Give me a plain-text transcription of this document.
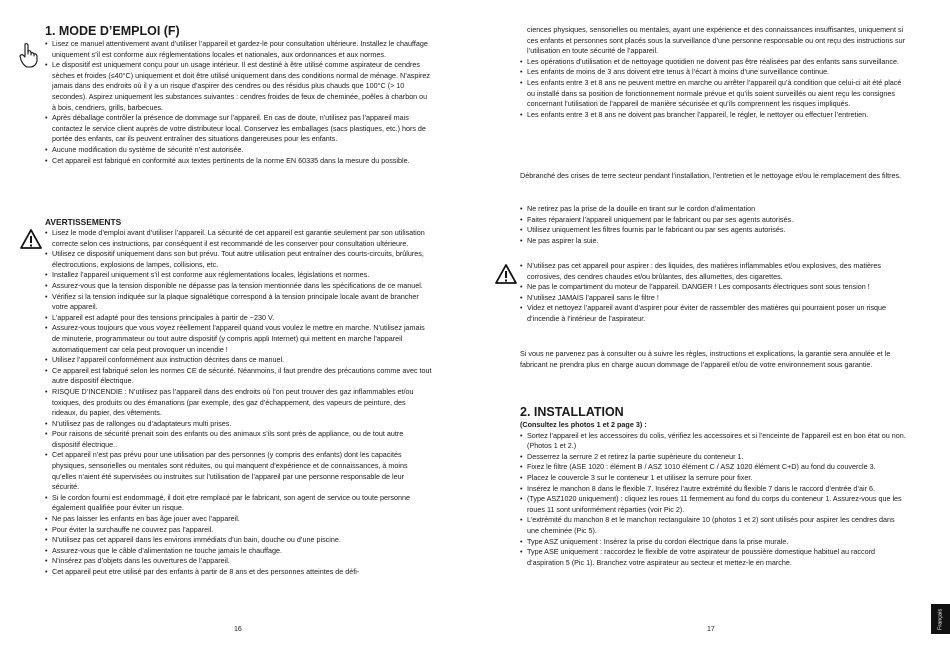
1. MODE D’EMPLOI (F)
• Lisez ce manuel attentivement avant d’utiliser l’appareil et gardez-le pour consultation ultérieure. Installez le chauffage uniquement s’il est conforme aux réglementations locales et nationales, aux ordonnances et aux normes.
• Le dispositif est uniquement conçu pour un usage intérieur. Il est destiné à être utilisé comme aspirateur de cendres sèches et froides (≤40°C) uniquement et doit être utilisé uniquement dans des conditions normal de ménage. N’aspirez jamais dans des endroits où il y a un risque d’aspirer des cendres ou des résidus plus chauds que 100°C (> 10 secondes). Aspirez uniquement les substances suivantes : cendres froides de feux de cheminée, poêles à charbon ou à bois, cendriers, grills, barbecues.
• Après déballage contrôler la présence de dommage sur l’appareil. En cas de doute, n’utilisez pas l’appareil mais contactez le service client auprès de votre distributeur local. Conservez les emballages (sacs plastiques, etc.) hors de portée des enfants, car ils peuvent entraîner des situations dangereuses pour les enfants.
• Aucune modification du système de sécurité n’est autorisée.
• Cet appareil est fabriqué en conformité aux textes pertinents de la norme EN 60335 dans la mesure du possible.
AVERTISSEMENTS
• Lisez le mode d’emploi avant d’utiliser l’appareil. La sécurité de cet appareil est garantie seulement par son utilisation correcte selon ces instructions, par conséquent il est recommandé de les conserver pour consultation ultérieure.
• Utilisez ce dispositif uniquement dans son but prévu. Tout autre utilisation peut entraîner des courts-circuits, brûlures, électrocutions, explosions de lampes, collisions, etc.
• Installez l’appareil uniquement s’il est conforme aux réglementations locales, législations et normes.
• Assurez-vous que la tension disponible ne dépasse pas la tension mentionnée dans les spécifications de ce manuel.
• Vérifiez si la tension indiquée sur la plaque signalétique correspond à la tension principale locale avant de brancher votre appareil.
• L’appareil est adapté pour des tensions principales à partir de ~230 V.
• Assurez-vous toujours que vous voyez réellement l’appareil quand vous voulez le mettre en marche. N’utilisez jamais de minuterie, programmateur ou tout autre dispositif (y compris appli Internet) qui mettent en marche l’appareil automatiquement car cela peut provoquer un incendie !
• Utilisez l’appareil conformément aux instruction décrites dans ce manuel.
• Ce appareil est fabriqué selon les normes CE de sécurité. Néanmoins, il faut prendre des précautions comme avec tout autre dispositif électrique.
• RISQUE D’INCENDIE : N’utilisez pas l’appareil dans des endroits où l’on peut trouver des gaz inflammables et/ou toxiques, des produits ou des émanations (par exemple, des gaz d’échappement, des vapeurs de peinture, des rideaux, du papier, des vêtements.
• N’utilisez pas de rallonges ou d’adaptateurs multi prises.
• Pour raisons de sécurité prenait soin des enfants ou des animaux s’ils sont près de appliance, ou de tout autre dispositif électrique..
• Cet appareil n’est pas prévu pour une utilisation par des personnes (y compris des enfants) dont les capacités physiques, sensorielles ou mentales sont réduites, ou qui manquent d’expérience et de connaissances, à moins qu’elles n’aient été supervisées ou instruites sur l’utilisation de l’appareil par une personne responsable de leur sécurité.
• Si le cordon fourni est endommagé, il doit ẹtre remplacé par le fabricant, son agent de service ou toute personne également qualifiée pour éviter un risque.
• Ne pas laisser les enfants en bas âge jouer avec l’appareil.
• Pour éviter la surchauffe ne couvrez pas l’appareil.
• N’utilisez pas cet appareil dans les environs immédiats d’un bain, douche ou d’une piscine.
• Assurez-vous que le câble d’alimentation ne touche jamais le chauffage.
• N’insérez pas d’objets dans les ouvertures de l’appareil.
• Cet appareil peut ẹtre utilisé par des enfants à partir de 8 ans et des personnes atteintes de défi-
16
ciences physiques, sensorielles ou mentales, ayant une expérience et des connaissances insuffisantes, uniquement si ces enfants et personnes sont placés sous la surveillance d’une personne responsable ou ont reçu des instructions sur l’utilisation en toute sécurité de l’appareil.
• Les opérations d’utilisation et de nettoyage quotidien ne doivent pas être réalisées par des enfants sans surveillance.
• Les enfants de moins de 3 ans doivent ẹtre tenus à l’écart à moins d’une surveillance continue.
• Les enfants entre 3 et 8 ans ne peuvent mettre en marche ou arrêter l’appareil qu’à condition que celui-ci ait été placé ou installé dans sa position de fonctionnement normale prévue et qu’ils soient surveillés ou aient reçu les consignes concernant l’utilisation de l’appareil de manière sécurisée et qu’ils comprennent les risques impliqués.
• Les enfants entre 3 et 8 ans ne doivent pas brancher l’appareil, le régler, le nettoyer ou effectuer l’entretien.

Débranché des crises de terre secteur pendant l’installation, l’entretien et le nettoyage et/ou le remplacement des filtres.

• Ne retirez pas la prise de la douille en tirant sur le cordon d’alimentation
• Faites réparaient l’appareil uniquement par le fabricant ou par ses agents autorisés.
• Utilisez uniquement les filtres fournis par le fabricant ou par ses agents autorisés.
• Ne pas aspirer la suie.
• N’utilisez pas cet appareil pour aspirer : des liquides, des matières inflammables et/ou explosives, des matières corrosives, des cendres chaudes et/ou brûlantes, des allumettes, des cigarettes.
• Ne pas le compartiment du moteur de l’appareil. DANGER ! Les composants électriques sont sous tension !
• N’utilisez JAMAIS l’appareil sans le filtre !
• Videz et nettoyez l’appareil avant d’aspirer pour éviter de rassembler des matières qui pourraient poser un risque d’incendie à l’intérieur de l’aspirateur.

Si vous ne parvenez pas à consulter ou à suivre les règles, instructions et explications, la garantie sera annulée et le fabricant ne prendra plus en charge aucun dommage de l’appareil et/ou de votre environnement sous garantie.

2. INSTALLATION

(Consultez les photos 1 et 2 page 3) :

• Sortez l’appareil et les accessoires du colis, vérifiez les accessoires et si l’enceinte de l’appareil est en bon état ou non. (Photos 1 et 2.)
• Desserrez la serrure 2 et retirez la partie supérieure du conteneur 1.
• Fixez le filtre (ASE 1020 : élément B / ASZ 1010 élément C / ASZ 1020 élément C+D) au fond du couvercle 3.
• Placez le couvercle 3 sur le conteneur 1 et utilisez la serrure pour fixer.
• Insérez le manchon 8 dans le flexible 7. Insérez l’autre extrémité du flexible 7 dans le raccord d’entrée d’air 6.
• (Type ASZ1020 uniquement) : cliquez les roues 11 fermement au fond du corps du conteneur 1. Assurez-vous que les roues 11 sont uniformément réparties (voir Pic 2).
• L’extrémité du manchon 8 et le manchon rectangulaire 10 (photos 1 et 2) sont utilisés pour aspirer les cendres dans une cheminée (Pic 5).
• Type ASZ uniquement : Insérez la prise du cordon électrique dans la prise murale.
• Type ASE uniquement : raccordez le flexible de votre aspirateur de poussière domestique habituel au raccord d’aspiration 5 (Pic 1). Branchez votre aspirateur au secteur et mettez-le en marche.
17	Français
